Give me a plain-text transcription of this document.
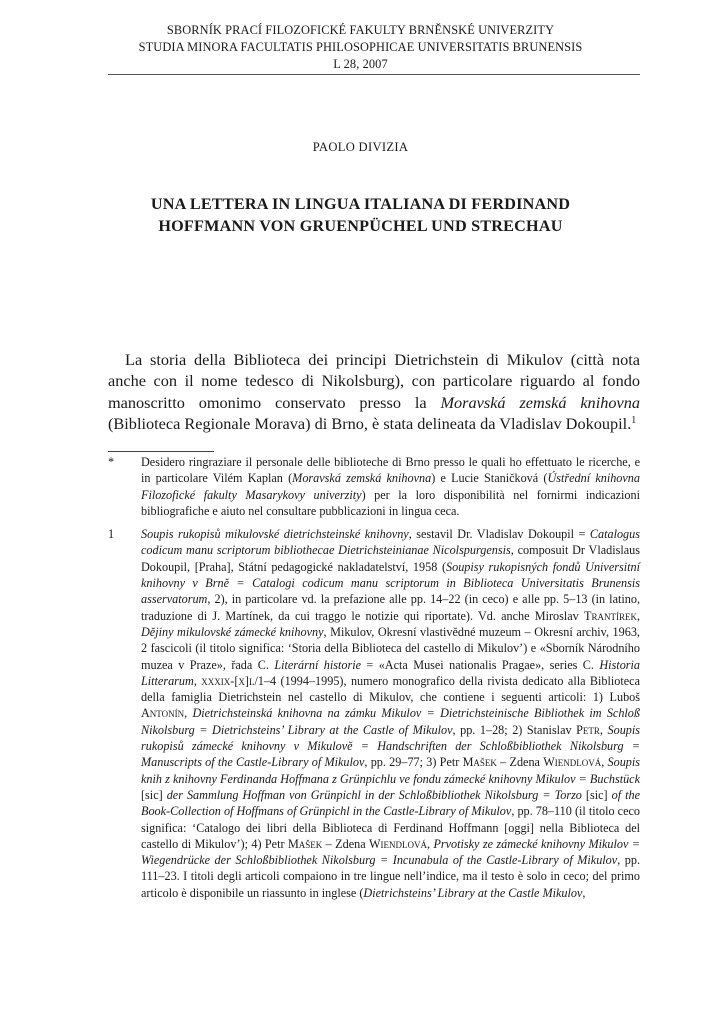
SBORNÍK PRACÍ FILOZOFICKÉ FAKULTY BRNĚNSKÉ UNIVERZITY
STUDIA MINORA FACULTATIS PHILOSOPHICAE UNIVERSITATIS BRUNENSIS
L 28, 2007
PAOLO DIVIZIA
UNA LETTERA IN LINGUA ITALIANA DI FERDINAND
HOFFMANN VON GRUENPÜCHEL UND STRECHAU

La storia della Biblioteca dei principi Dietrichstein di Mikulov (città nota anche con il nome tedesco di Nikolsburg), con particolare riguardo al fondo manoscritto omonimo conservato presso la Moravská zemská knihovna (Biblioteca Regionale Morava) di Brno, è stata delineata da Vladislav Dokoupil.$^1$

*	Desidero ringraziare il personale delle biblioteche di Brno presso le quali ho effettuato le ricerche, e in particolare Vilém Kaplan (Moravská zemská knihovna) e Lucie Staničková (Ústřední knihovna Filozofické fakulty Masarykovy univerzity) per la loro disponibilità nel fornirmi indicazioni bibliografiche e aiuto nel consultare pubblicazioni in lingua ceca.
1	Soupis rukopisů mikulovské dietrichsteinské knihovny, sestavil Dr. Vladislav Dokoupil = Catalogus codicum manu scriptorum bibliothecae Dietrichsteinianae Nicolspurgensis, composuit Dr Vladislaus Dokoupil, [Praha], Státní pedagogické nakladatelství, 1958 (Soupisy rukopisných fondů Universitní knihovny v Brně = Catalogi codicum manu scriptorum in Biblioteca Universitatis Brunensis asservatorum, 2), in particolare vd. la prefazione alle pp. 14–22 (in ceco) e alle pp. 5–13 (in latino, traduzione di J. Martínek, da cui traggo le notizie qui riportate). Vd. anche Miroslav Trantírek, Dějiny mikulovské zámecké knihovny, Mikulov, Okresní vlastivědné muzeum – Okresní archiv, 1963, 2 fascicoli (il titolo significa: ‘Storia della Biblioteca del castello di Mikulov’) e «Sborník Národního muzea v Praze», řada C. Literární historie = «Acta Musei nationalis Pragae», series C. Historia Litterarum, xxxix-[x]l/1–4 (1994–1995), numero monografico della rivista dedicato alla Biblioteca della famiglia Dietrichstein nel castello di Mikulov, che contiene i seguenti articoli: 1) Luboš Antonín, Dietrichsteinská knihovna na zámku Mikulov = Dietrichsteinische Bibliothek im Schloß Nikolsburg = Dietrichsteins’ Library at the Castle of Mikulov, pp. 1–28; 2) Stanislav Petr, Soupis rukopisů zámecké knihovny v Mikulově = Handschriften der Schloßbibliothek Nikolsburg = Manuscripts of the Castle-Library of Mikulov, pp. 29–77; 3) Petr Mašek – Zdena Wiendlová, Soupis knih z knihovny Ferdinanda Hoffmana z Grünpichlu ve fondu zámecké knihovny Mikulov = Buchstück [sic] der Sammlung Hoffman von Grünpichl in der Schloßbibliothek Nikolsburg = Torzo [sic] of the Book-Collection of Hoffmans of Grünpichl in the Castle-Library of Mikulov, pp. 78–110 (il titolo ceco significa: ‘Catalogo dei libri della Biblioteca di Ferdinand Hoffmann [oggi] nella Biblioteca del castello di Mikulov’); 4) Petr Mašek – Zdena Wiendlová, Prvotisky ze zámecké knihovny Mikulov = Wiegendrücke der Schloßbibliothek Nikolsburg = Incunabula of the Castle-Library of Mikulov, pp. 111–23. I titoli degli articoli compaiono in tre lingue nell’indice, ma il testo è solo in ceco; del primo articolo è disponibile un riassunto in inglese (Dietrichsteins’ Library at the Castle Mikulov,
